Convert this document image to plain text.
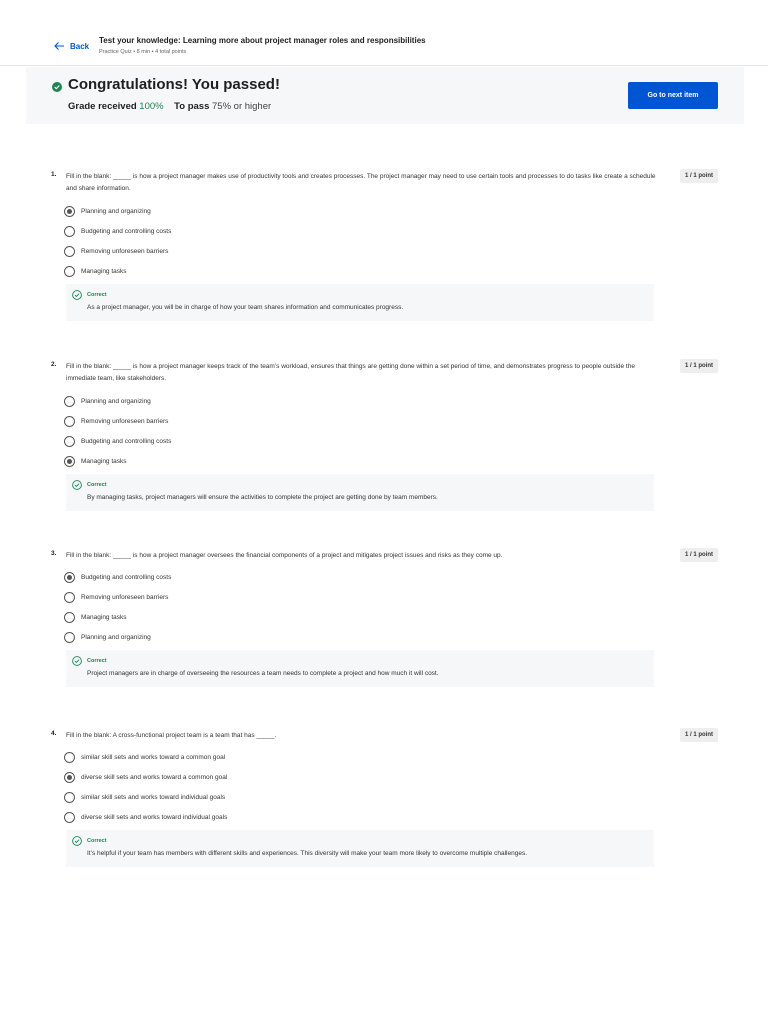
Back
Test your knowledge: Learning more about project manager roles and responsibilities
Practice Quiz • 8 min • 4 total points
Congratulations! You passed!
Grade received 100% To pass 75% or higher
Go to next item
1. Fill in the blank: _____ is how a project manager makes use of productivity tools and creates processes. The project manager may need to use certain tools and processes to do tasks like create a schedule and share information.
1 / 1 point
Planning and organizing
Budgeting and controlling costs
Removing unforeseen barriers
Managing tasks
Correct
As a project manager, you will be in charge of how your team shares information and communicates progress.
2. Fill in the blank: _____ is how a project manager keeps track of the team’s workload, ensures that things are getting done within a set period of time, and demonstrates progress to people outside the immediate team, like stakeholders.
1 / 1 point
Planning and organizing
Removing unforeseen barriers
Budgeting and controlling costs
Managing tasks
Correct
By managing tasks, project managers will ensure the activities to complete the project are getting done by team members.
3. Fill in the blank: _____ is how a project manager oversees the financial components of a project and mitigates project issues and risks as they come up.	1 / 1 point
Budgeting and controlling costs
Removing unforeseen barriers
Managing tasks
Planning and organizing
Correct
Project managers are in charge of overseeing the resources a team needs to complete a project and how much it will cost.
4. Fill in the blank: A cross-functional project team is a team that has _____.	1 / 1 point
similar skill sets and works toward a common goal
diverse skill sets and works toward a common goal
similar skill sets and works toward individual goals
diverse skill sets and works toward individual goals
Correct
It’s helpful if your team has members with different skills and experiences. This diversity will make your team more likely to overcome multiple challenges.
